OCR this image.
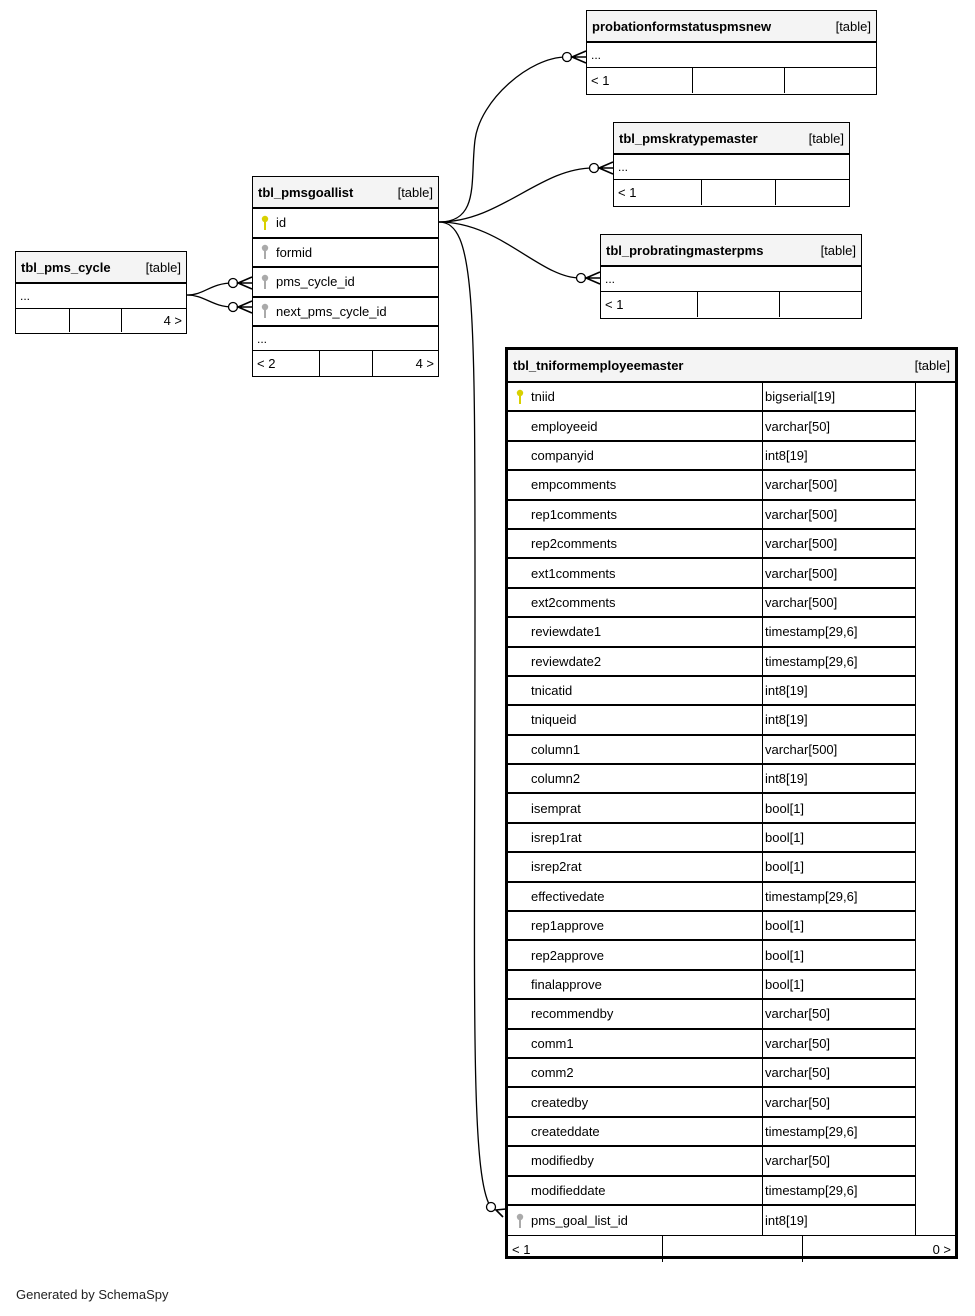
tbl_pms_cycle	[table]
...
4 >
tbl_pmsgoallist	[table]
id
formid
pms_cycle_id
next_pms_cycle_id
...
< 2	4 >
probationformstatuspmsnew	[table]
...
< 1
tbl_pmskratypemaster	[table]
...
< 1
tbl_probratingmasterpms	[table]
...
< 1
tbl_tniformemployeemaster	[table]
tniid	bigserial[19]
employeeid	varchar[50]
companyid	int8[19]
empcomments	varchar[500]
rep1comments	varchar[500]
rep2comments	varchar[500]
ext1comments	varchar[500]
ext2comments	varchar[500]
reviewdate1	timestamp[29,6]
reviewdate2	timestamp[29,6]
tnicatid	int8[19]
tniqueid	int8[19]
column1	varchar[500]
column2	int8[19]
isemprat	bool[1]
isrep1rat	bool[1]
isrep2rat	bool[1]
effectivedate	timestamp[29,6]
rep1approve	bool[1]
rep2approve	bool[1]
finalapprove	bool[1]
recommendby	varchar[50]
comm1	varchar[50]
comm2	varchar[50]
createdby	varchar[50]
createddate	timestamp[29,6]
modifiedby	varchar[50]
modifieddate	timestamp[29,6]
pms_goal_list_id	int8[19]
< 1	0 >
Generated by SchemaSpy
